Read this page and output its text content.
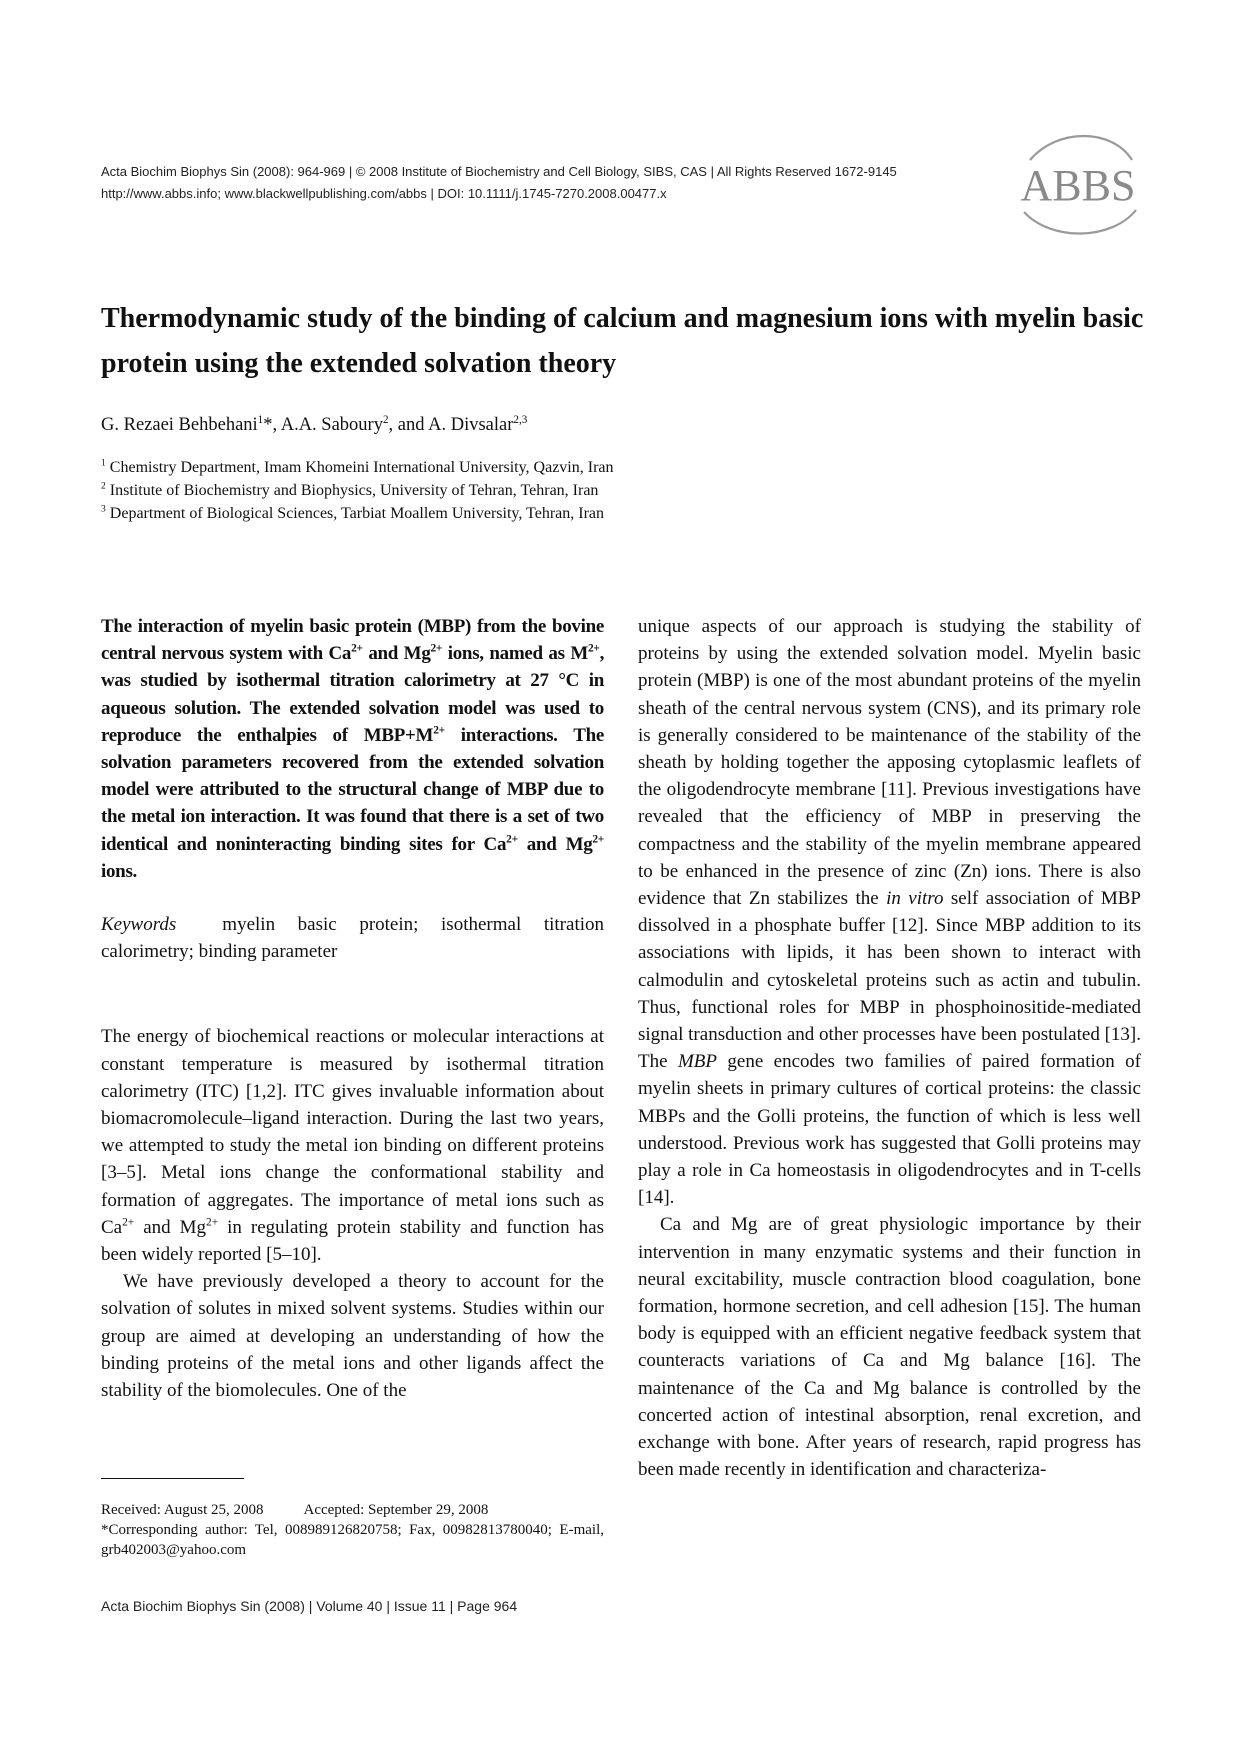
Acta Biochim Biophys Sin (2008): 964-969 | © 2008 Institute of Biochemistry and Cell Biology, SIBS, CAS | All Rights Reserved 1672-9145
http://www.abbs.info; www.blackwellpublishing.com/abbs | DOI: 10.1111/j.1745-7270.2008.00477.x	ABBS
Thermodynamic study of the binding of calcium and magnesium ions with myelin basic protein using the extended solvation theory
G. Rezaei Behbehani$^1$*, A.A. Saboury$^2$, and A. Divsalar$^{2,3}$
$^1$ Chemistry Department, Imam Khomeini International University, Qazvin, Iran
$^2$ Institute of Biochemistry and Biophysics, University of Tehran, Tehran, Iran
$^3$ Department of Biological Sciences, Tarbiat Moallem University, Tehran, Iran

The interaction of myelin basic protein (MBP) from the bovine central nervous system with $Ca^{2+}$ and $Mg^{2+}$ ions, named as $M^{2+}$, was studied by isothermal titration calorimetry at 27 °C in aqueous solution. The extended solvation model was used to reproduce the enthalpies of $MBP+M^{2+}$ interactions. The solvation parameters recovered from the extended solvation model were attributed to the structural change of MBP due to the metal ion interaction. It was found that there is a set of two identical and noninteracting binding sites for $Ca^{2+}$ and $Mg^{2+}$ ions.

Keywords myelin basic protein; isothermal titration calorimetry; binding parameter

The energy of biochemical reactions or molecular interactions at constant temperature is measured by isothermal titration calorimetry (ITC) [1,2]. ITC gives invaluable information about biomacromolecule–ligand interaction. During the last two years, we attempted to study the metal ion binding on different proteins [3–5]. Metal ions change the conformational stability and formation of aggregates. The importance of metal ions such as $Ca^{2+}$ and $Mg^{2+}$ in regulating protein stability and function has been widely reported [5–10].

We have previously developed a theory to account for the solvation of solutes in mixed solvent systems. Studies within our group are aimed at developing an understanding of how the binding proteins of the metal ions and other ligands affect the stability of the biomolecules. One of the

unique aspects of our approach is studying the stability of proteins by using the extended solvation model. Myelin basic protein (MBP) is one of the most abundant proteins of the myelin sheath of the central nervous system (CNS), and its primary role is generally considered to be maintenance of the stability of the sheath by holding together the apposing cytoplasmic leaflets of the oligodendrocyte membrane [11]. Previous investigations have revealed that the efficiency of MBP in preserving the compactness and the stability of the myelin membrane appeared to be enhanced in the presence of zinc (Zn) ions. There is also evidence that Zn stabilizes the in vitro self association of MBP dissolved in a phosphate buffer [12]. Since MBP addition to its associations with lipids, it has been shown to interact with calmodulin and cytoskeletal proteins such as actin and tubulin. Thus, functional roles for MBP in phosphoinositide-mediated signal transduction and other processes have been postulated [13]. The MBP gene encodes two families of paired formation of myelin sheets in primary cultures of cortical proteins: the classic MBPs and the Golli proteins, the function of which is less well understood. Previous work has suggested that Golli proteins may play a role in Ca homeostasis in oligodendrocytes and in T-cells [14].

Ca and Mg are of great physiologic importance by their intervention in many enzymatic systems and their function in neural excitability, muscle contraction blood coagulation, bone formation, hormone secretion, and cell adhesion [15]. The human body is equipped with an efficient negative feedback system that counteracts variations of Ca and Mg balance [16]. The maintenance of the Ca and Mg balance is controlled by the concerted action of intestinal absorption, renal excretion, and exchange with bone. After years of research, rapid progress has been made recently in identification and characteriza-

Received: August 25, 2008	Accepted: September 29, 2008
*Corresponding author: Tel, 008989126820758; Fax, 00982813780040; E-mail, grb402003@yahoo.com
Acta Biochim Biophys Sin (2008) | Volume 40 | Issue 11 | Page 964
